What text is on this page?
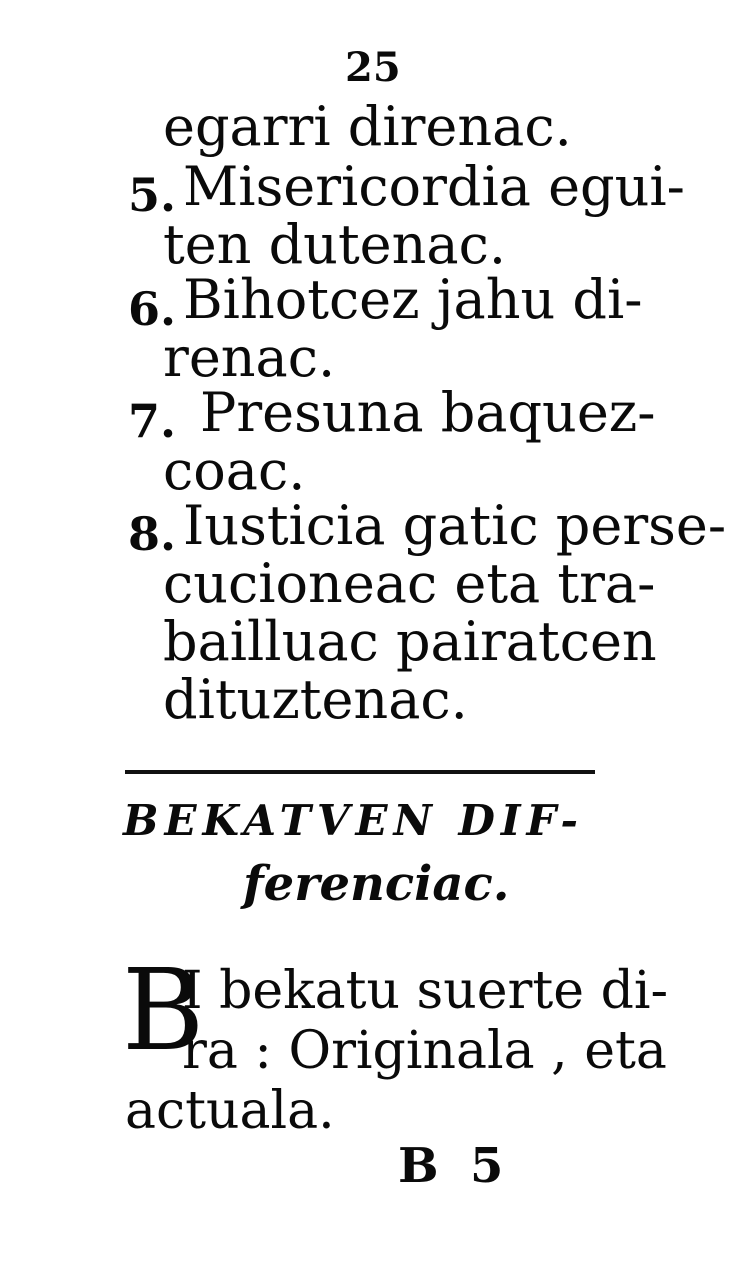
25
egarri direnac.
5. Misericordia egui-
ten dutenac.
6. Bihotcez jahu di-
renac.
7. Presuna baquez-
coac.
8. Iusticia gatic perse-
cucioneac eta tra-
bailluac pairatcen
dituztenac.
BEKATVEN DIF-
ferenciac.
B
I bekatu suerte di-
ra : Originala , eta
actuala.
B 5
